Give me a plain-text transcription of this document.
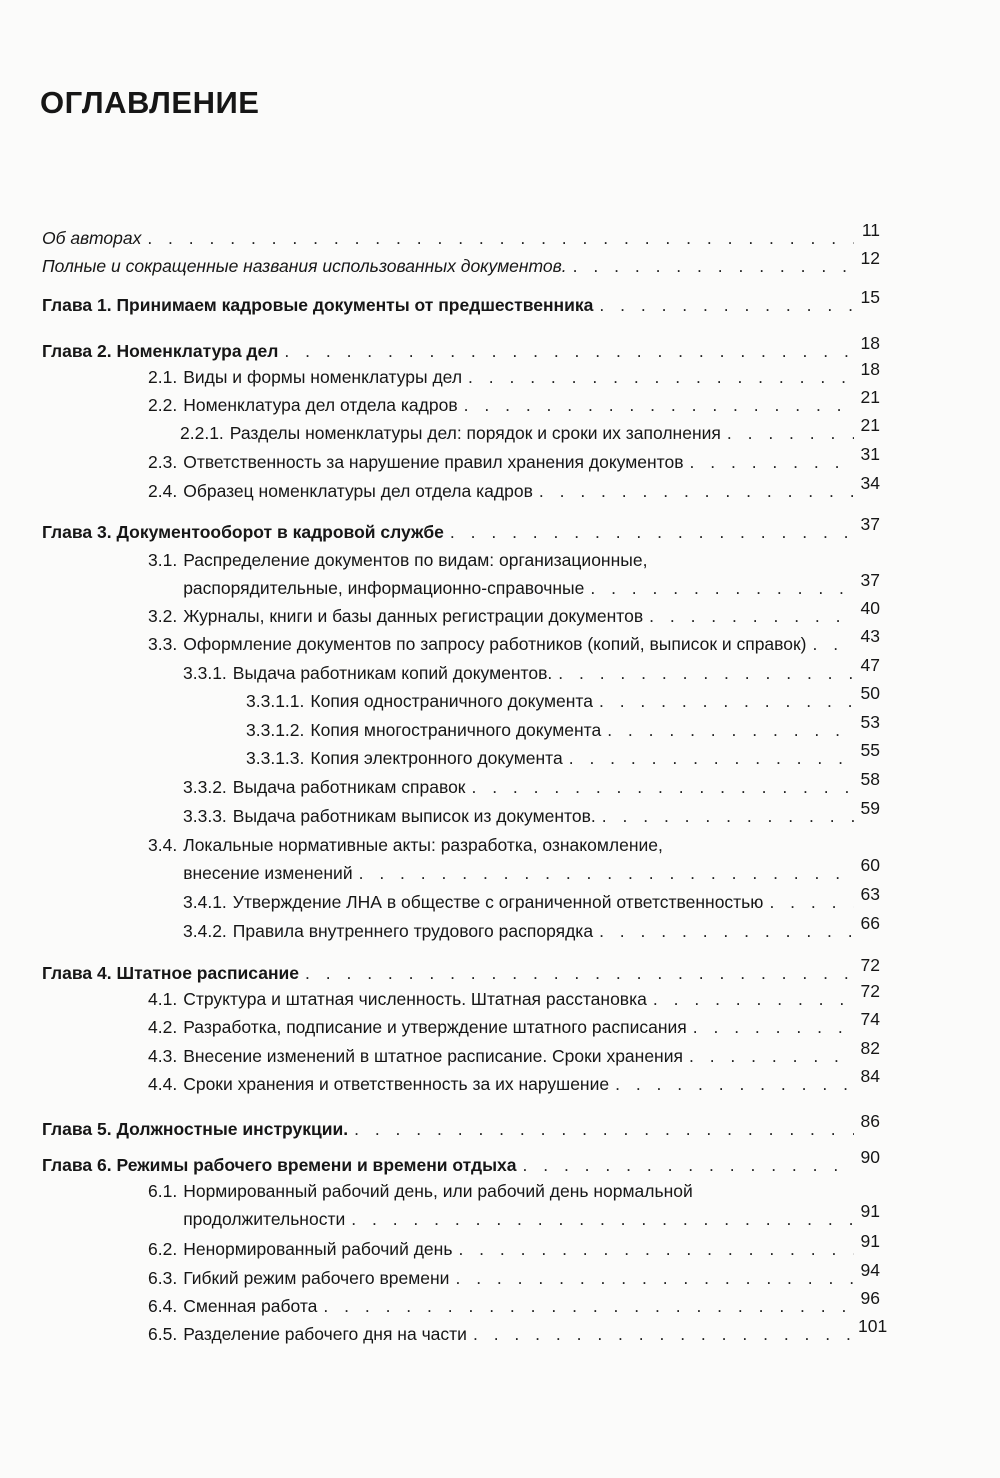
ОГЛАВЛЕНИЕ
Об авторах . . .	11
Полные и сокращенные названия использованных документов. . . .	12
Глава 1. Принимаем кадровые документы от предшественника . . .	15
Глава 2. Номенклатура дел . . .	18
2.1. Виды и формы номенклатуры дел . . .	18
2.2. Номенклатура дел отдела кадров . . .	21
2.2.1. Разделы номенклатуры дел: порядок и сроки их заполнения . . .	21
2.3. Ответственность за нарушение правил хранения документов . . .	31
2.4. Образец номенклатуры дел отдела кадров . . .	34
Глава 3. Документооборот в кадровой службе . . .	37
3.1. Распределение документов по видам: организационные,
распорядительные, информационно-справочные . . .	37
3.2. Журналы, книги и базы данных регистрации документов . . .	40
3.3. Оформление документов по запросу работников (копий, выписок и справок) . . .	43
3.3.1. Выдача работникам копий документов. . . .	47
3.3.1.1. Копия одностраничного документа . . .	50
3.3.1.2. Копия многостраничного документа . . .	53
3.3.1.3. Копия электронного документа . . .	55
3.3.2. Выдача работникам справок . . .	58
3.3.3. Выдача работникам выписок из документов. . . .	59
3.4. Локальные нормативные акты: разработка, ознакомление,
внесение изменений . . .	60
3.4.1. Утверждение ЛНА в обществе с ограниченной ответственностью . . .	63
3.4.2. Правила внутреннего трудового распорядка . . .	66
Глава 4. Штатное расписание . . .	72
4.1. Структура и штатная численность. Штатная расстановка . . .	72
4.2. Разработка, подписание и утверждение штатного расписания . . .	74
4.3. Внесение изменений в штатное расписание. Сроки хранения . . .	82
4.4. Сроки хранения и ответственность за их нарушение . . .	84
Глава 5. Должностные инструкции. . . .	86
Глава 6. Режимы рабочего времени и времени отдыха . . .	90
6.1. Нормированный рабочий день, или рабочий день нормальной
продолжительности . . .	91
6.2. Ненормированный рабочий день . . .	91
6.3. Гибкий режим рабочего времени . . .	94
6.4. Сменная работа . . .	96
6.5. Разделение рабочего дня на части . . .	101
